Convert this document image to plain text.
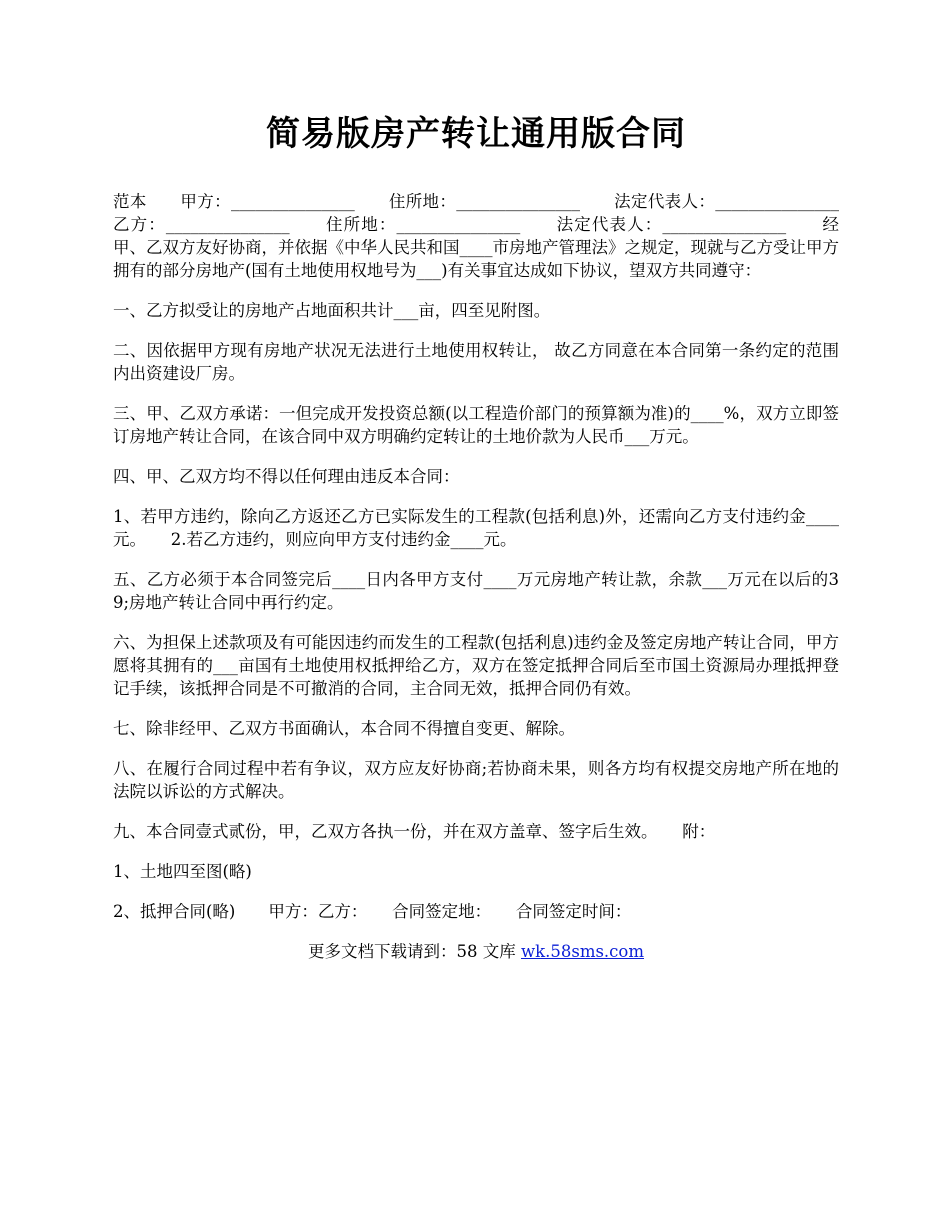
简易版房产转让通用版合同

范本　　甲方：_______________　　住所地：_______________　　法定代表人：_______________　　乙方：_______________　　住所地：_______________　　法定代表人：_______________　　经甲、乙双方友好协商，并依据《中华人民共和国____市房地产管理法》之规定，现就与乙方受让甲方拥有的部分房地产(国有土地使用权地号为___)有关事宜达成如下协议，望双方共同遵守：

一、乙方拟受让的房地产占地面积共计___亩，四至见附图。

二、因依据甲方现有房地产状况无法进行土地使用权转让， 故乙方同意在本合同第一条约定的范围内出资建设厂房。

三、甲、乙双方承诺：一但完成开发投资总额(以工程造价部门的预算额为准)的____%，双方立即签订房地产转让合同，在该合同中双方明确约定转让的土地价款为人民币___万元。

四、甲、乙双方均不得以任何理由违反本合同：

1、若甲方违约，除向乙方返还乙方已实际发生的工程款(包括利息)外，还需向乙方支付违约金____元。　　2.若乙方违约，则应向甲方支付违约金____元。

五、乙方必须于本合同签完后____日内各甲方支付____万元房地产转让款，余款___万元在以后的39;房地产转让合同中再行约定。

六、为担保上述款项及有可能因违约而发生的工程款(包括利息)违约金及签定房地产转让合同，甲方愿将其拥有的___亩国有土地使用权抵押给乙方，双方在签定抵押合同后至市国土资源局办理抵押登记手续，该抵押合同是不可撤消的合同，主合同无效，抵押合同仍有效。

七、除非经甲、乙双方书面确认，本合同不得擅自变更、解除。

八、在履行合同过程中若有争议，双方应友好协商;若协商未果，则各方均有权提交房地产所在地的法院以诉讼的方式解决。

九、本合同壹式贰份，甲，乙双方各执一份，并在双方盖章、签字后生效。　　附：

1、土地四至图(略)

2、抵押合同(略)　　甲方：乙方：　　合同签定地：　　合同签定时间：

更多文档下载请到：58 文库 wk.58sms.com
